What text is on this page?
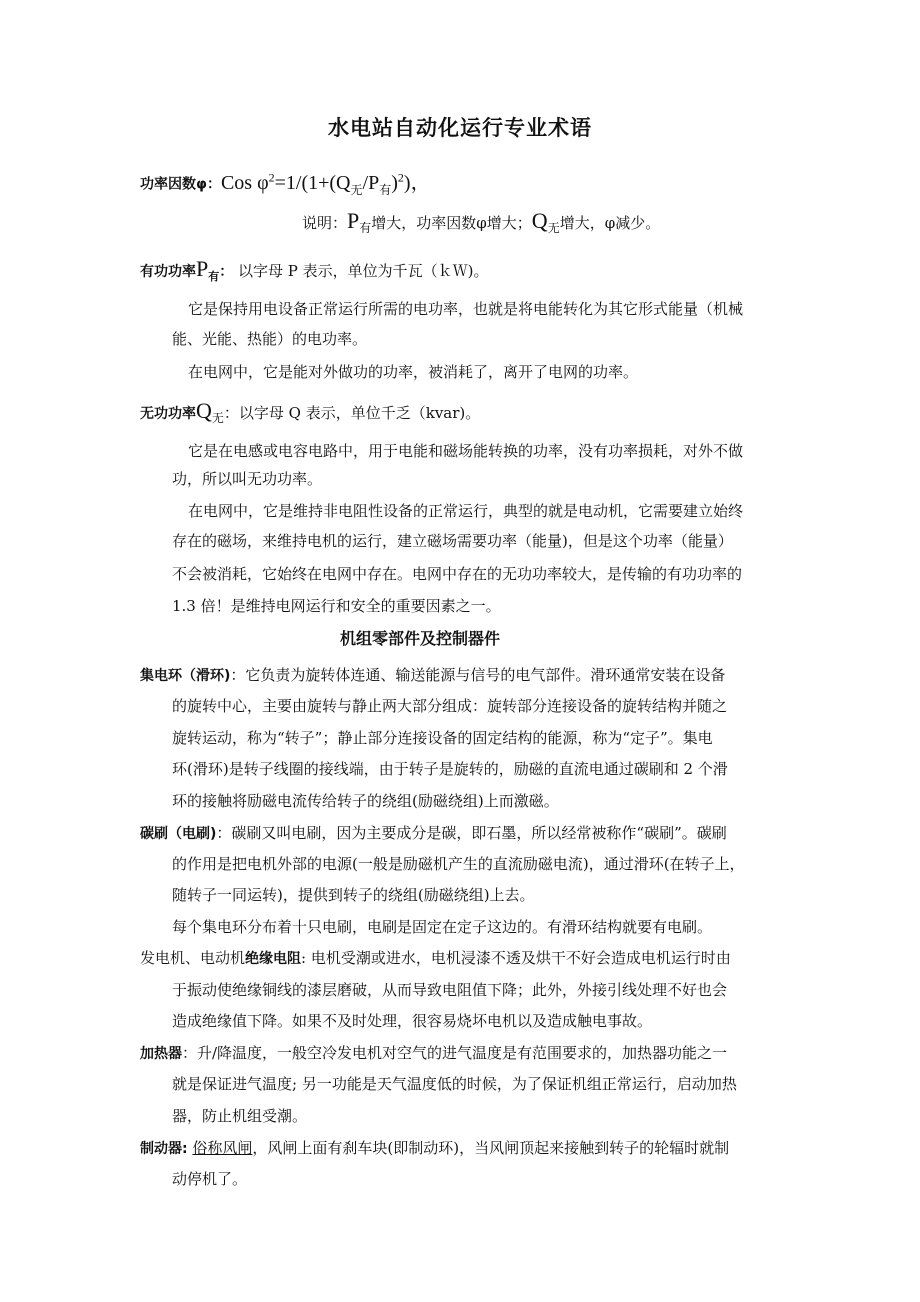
水电站自动化运行专业术语
功率因数φ：Cos $\varphi^2=1/(1+(Q_无/P_有)^2)$，
说明：$P_有$增大，功率因数φ增大；$Q_无$增大，φ减少。
有功功率$P_有$： 以字母 P 表示，单位为千瓦（ｋＷ)。
它是保持用电设备正常运行所需的电功率，也就是将电能转化为其它形式能量（机械
能、光能、热能）的电功率。
在电网中，它是能对外做功的功率，被消耗了，离开了电网的功率。
无功功率$Q_无$：以字母 Q 表示，单位千乏（kvar)。
它是在电感或电容电路中，用于电能和磁场能转换的功率，没有功率损耗，对外不做
功，所以叫无功功率。
在电网中，它是维持非电阻性设备的正常运行，典型的就是电动机，它需要建立始终
存在的磁场，来维持电机的运行，建立磁场需要功率（能量)，但是这个功率（能量）
不会被消耗，它始终在电网中存在。电网中存在的无功功率较大，是传输的有功功率的
1.3 倍！是维持电网运行和安全的重要因素之一。
机组零部件及控制器件
集电环（滑环)：它负责为旋转体连通、输送能源与信号的电气部件。滑环通常安装在设备
的旋转中心，主要由旋转与静止两大部分组成：旋转部分连接设备的旋转结构并随之
旋转运动，称为“转子”；静止部分连接设备的固定结构的能源，称为“定子”。集电
环(滑环)是转子线圈的接线端，由于转子是旋转的，励磁的直流电通过碳刷和 2 个滑
环的接触将励磁电流传给转子的绕组(励磁绕组)上而激磁。
碳刷（电刷)：碳刷又叫电刷，因为主要成分是碳，即石墨，所以经常被称作“碳刷”。碳刷
的作用是把电机外部的电源(一般是励磁机产生的直流励磁电流)，通过滑环(在转子上，
随转子一同运转)，提供到转子的绕组(励磁绕组)上去。
每个集电环分布着十只电刷，电刷是固定在定子这边的。有滑环结构就要有电刷。
发电机、电动机绝缘电阻: 电机受潮或进水，电机浸漆不透及烘干不好会造成电机运行时由
于振动使绝缘铜线的漆层磨破，从而导致电阻值下降；此外，外接引线处理不好也会
造成绝缘值下降。如果不及时处理，很容易烧坏电机以及造成触电事故。
加热器：升/降温度，一般空冷发电机对空气的进气温度是有范围要求的，加热器功能之一
就是保证进气温度; 另一功能是天气温度低的时候，为了保证机组正常运行，启动加热
器，防止机组受潮。
制动器: 俗称风闸，风闸上面有刹车块(即制动环)，当风闸顶起来接触到转子的轮辐时就制
动停机了。
